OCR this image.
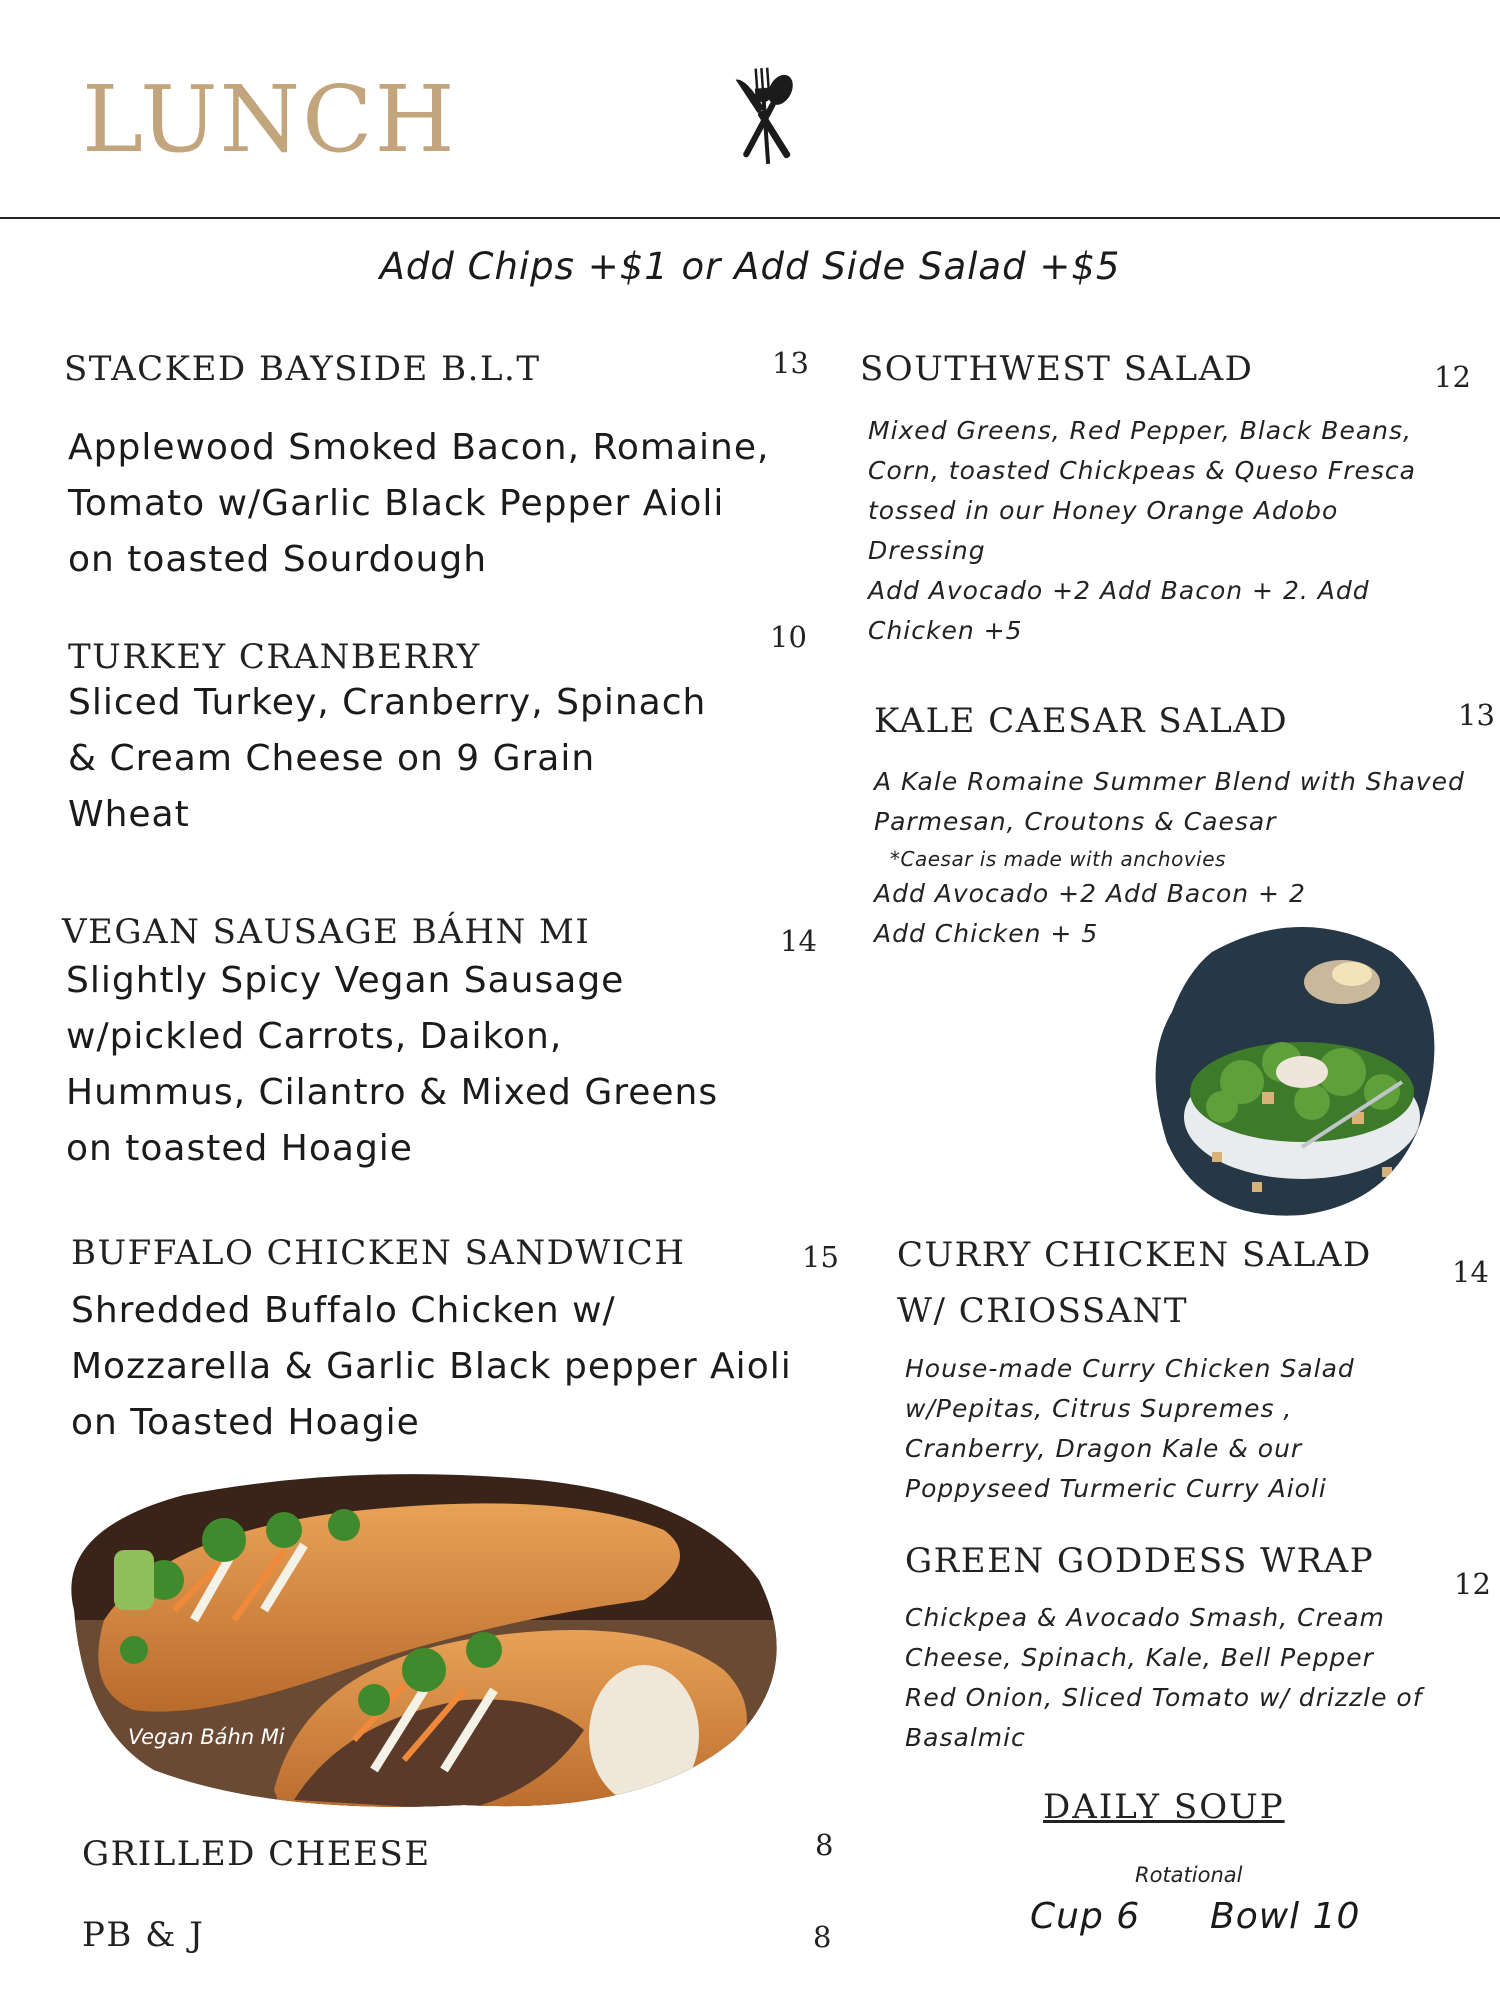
LUNCH
Add Chips +$1 or Add Side Salad +$5
STACKED BAYSIDE B.L.T	13
Applewood Smoked Bacon, Romaine,
Tomato w/Garlic Black Pepper Aioli
on toasted Sourdough
TURKEY CRANBERRY	10
Sliced Turkey, Cranberry, Spinach
& Cream Cheese on 9 Grain
Wheat
VEGAN SAUSAGE BÁHN MI	14
Slightly Spicy Vegan Sausage
w/pickled Carrots, Daikon,
Hummus, Cilantro & Mixed Greens
on toasted Hoagie
BUFFALO CHICKEN SANDWICH	15
Shredded Buffalo Chicken w/
Mozzarella & Garlic Black pepper Aioli
on Toasted Hoagie
Vegan Báhn Mi
GRILLED CHEESE	8
PB & J	8
SOUTHWEST SALAD	12
Mixed Greens, Red Pepper, Black Beans,
Corn, toasted Chickpeas & Queso Fresca
tossed in our Honey Orange Adobo
Dressing
Add Avocado +2 Add Bacon + 2. Add
Chicken +5
KALE CAESAR SALAD	13
A Kale Romaine Summer Blend with Shaved
Parmesan, Croutons & Caesar
*Caesar is made with anchovies
Add Avocado +2 Add Bacon + 2
Add Chicken + 5
CURRY CHICKEN SALAD
W/ CRIOSSANT
14
House-made Curry Chicken Salad
w/Pepitas, Citrus Supremes ,
Cranberry, Dragon Kale & our
Poppyseed Turmeric Curry Aioli
GREEN GODDESS WRAP
12
Chickpea & Avocado Smash, Cream
Cheese, Spinach, Kale, Bell Pepper
Red Onion, Sliced Tomato w/ drizzle of
Basalmic
DAILY SOUP
Rotational
Cup 6 Bowl 10
